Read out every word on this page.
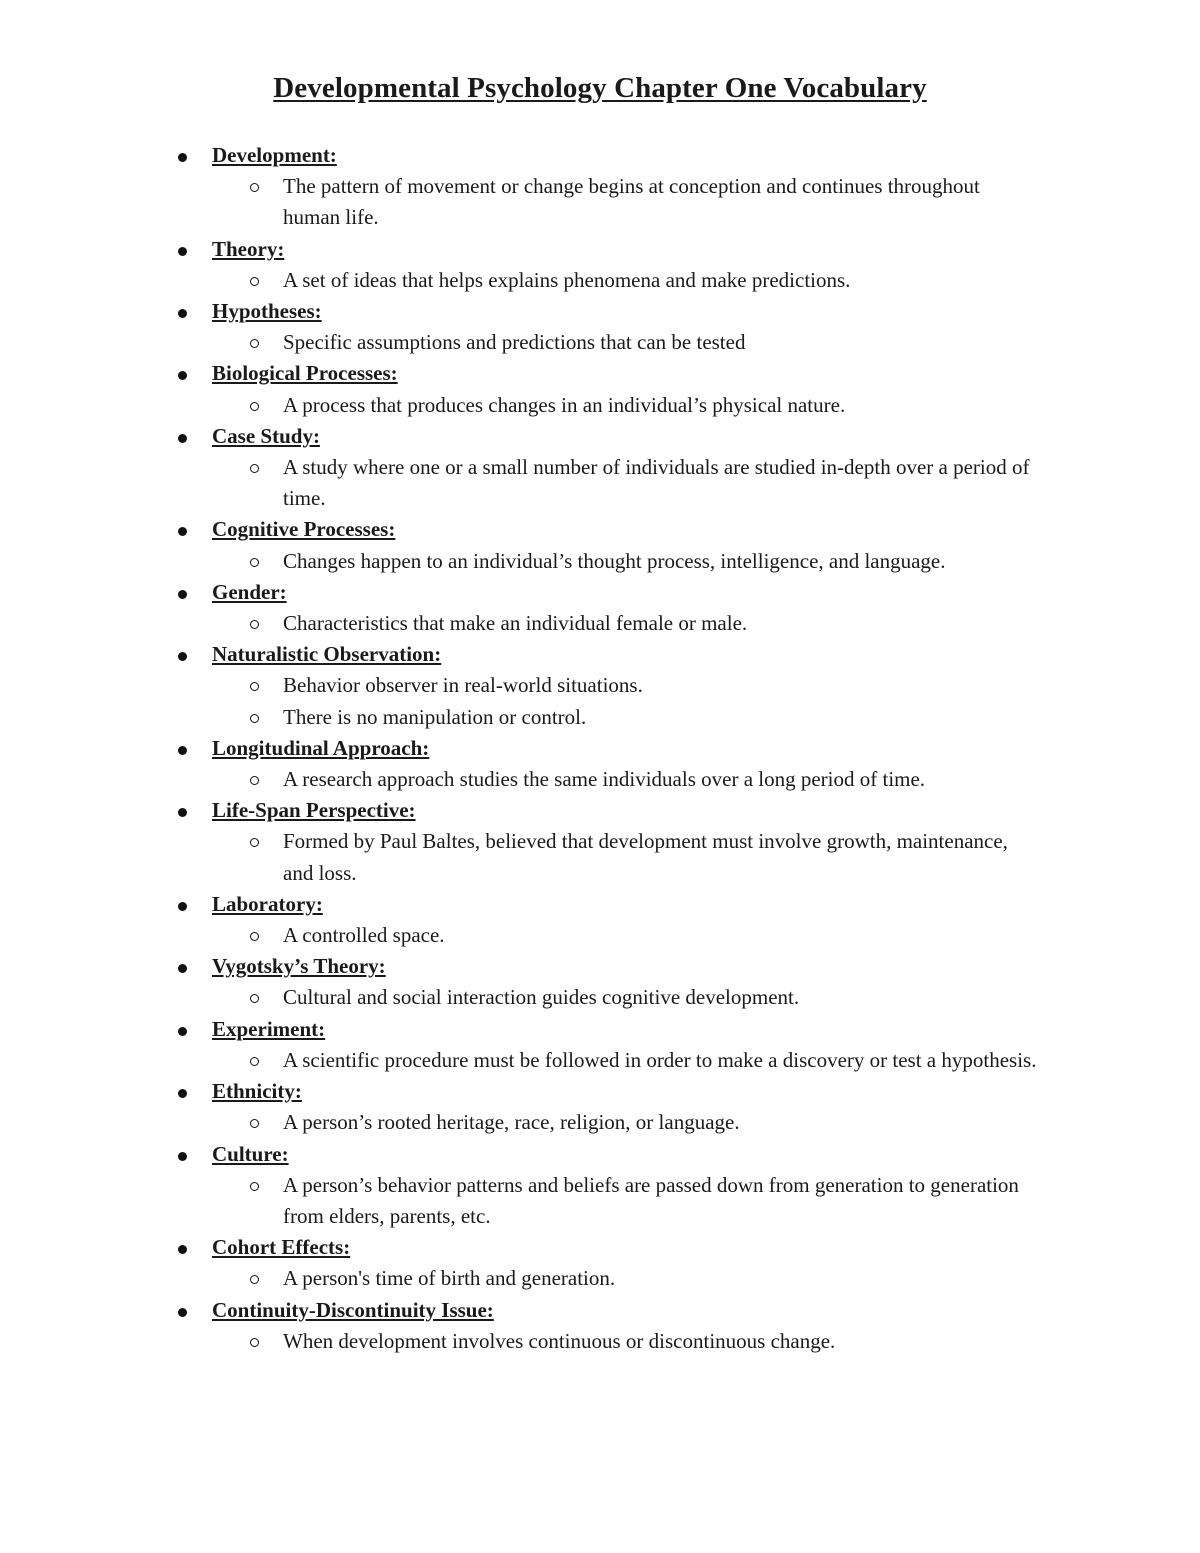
Developmental Psychology Chapter One Vocabulary
Development:
The pattern of movement or change begins at conception and continues throughout human life.
Theory:
A set of ideas that helps explains phenomena and make predictions.
Hypotheses:
Specific assumptions and predictions that can be tested
Biological Processes:
A process that produces changes in an individual’s physical nature.
Case Study:
A study where one or a small number of individuals are studied in-depth over a period of time.
Cognitive Processes:
Changes happen to an individual’s thought process, intelligence, and language.
Gender:
Characteristics that make an individual female or male.
Naturalistic Observation:
Behavior observer in real-world situations.
There is no manipulation or control.
Longitudinal Approach:
A research approach studies the same individuals over a long period of time.
Life-Span Perspective:
Formed by Paul Baltes, believed that development must involve growth, maintenance, and loss.
Laboratory:
A controlled space.
Vygotsky’s Theory:
Cultural and social interaction guides cognitive development.
Experiment:
A scientific procedure must be followed in order to make a discovery or test a hypothesis.
Ethnicity:
A person’s rooted heritage, race, religion, or language.
Culture:
A person’s behavior patterns and beliefs are passed down from generation to generation from elders, parents, etc.
Cohort Effects:
A person's time of birth and generation.
Continuity-Discontinuity Issue:
When development involves continuous or discontinuous change.
